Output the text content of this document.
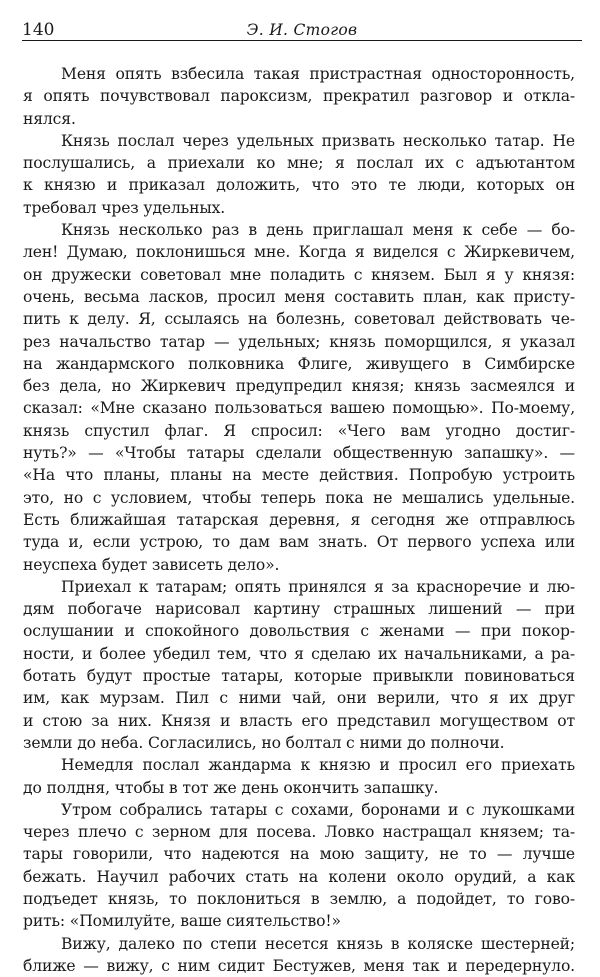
140	Э. И. Стогов
Меня опять взбесила такая пристрастная односторонность,
я опять почувствовал пароксизм, прекратил разговор и откла-
нялся.
Князь послал через удельных призвать несколько татар. Не
послушались, а приехали ко мне; я послал их с адъютантом
к князю и приказал доложить, что это те люди, которых он
требовал чрез удельных.
Князь несколько раз в день приглашал меня к себе — бо-
лен! Думаю, поклонишься мне. Когда я виделся с Жиркевичем,
он дружески советовал мне поладить с князем. Был я у князя:
очень, весьма ласков, просил меня составить план, как присту-
пить к делу. Я, ссылаясь на болезнь, советовал действовать че-
рез начальство татар — удельных; князь поморщился, я указал
на жандармского полковника Флиге, живущего в Симбирске
без дела, но Жиркевич предупредил князя; князь засмеялся и
сказал: «Мне сказано пользоваться вашею помощью». По-моему,
князь спустил флаг. Я спросил: «Чего вам угодно достиг-
нуть?» — «Чтобы татары сделали общественную запашку». —
«На что планы, планы на месте действия. Попробую устроить
это, но с условием, чтобы теперь пока не мешались удельные.
Есть ближайшая татарская деревня, я сегодня же отправлюсь
туда и, если устрою, то дам вам знать. От первого успеха или
неуспеха будет зависеть дело».
Приехал к татарам; опять принялся я за красноречие и лю-
дям побогаче нарисовал картину страшных лишений — при
ослушании и спокойного довольствия с женами — при покор-
ности, и более убедил тем, что я сделаю их начальниками, а ра-
ботать будут простые татары, которые привыкли повиноваться
им, как мурзам. Пил с ними чай, они верили, что я их друг
и стою за них. Князя и власть его представил могуществом от
земли до неба. Согласились, но болтал с ними до полночи.
Немедля послал жандарма к князю и просил его приехать
до полдня, чтобы в тот же день окончить запашку.
Утром собрались татары с сохами, боронами и с лукошками
через плечо с зерном для посева. Ловко настращал князем; та-
тары говорили, что надеются на мою защиту, не то — лучше
бежать. Научил рабочих стать на колени около орудий, а как
подъедет князь, то поклониться в землю, а подойдет, то гово-
рить: «Помилуйте, ваше сиятельство!»
Вижу, далеко по степи несется князь в коляске шестерней;
ближе — вижу, с ним сидит Бестужев, меня так и передернуло.
